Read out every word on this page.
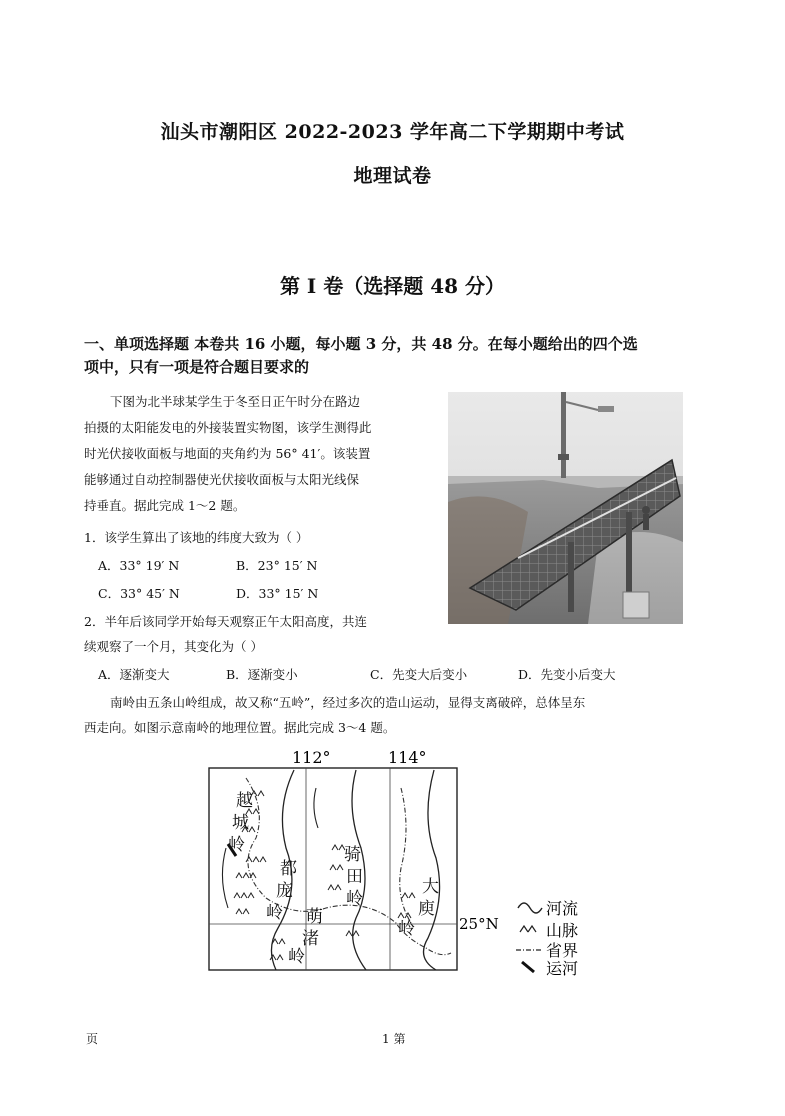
汕头市潮阳区 2022-2023 学年高二下学期期中考试
地理试卷
第 I 卷（选择题 48 分）
一、单项选择题 本卷共 16 小题，每小题 3 分，共 48 分。在每小题给出的四个选
项中，只有一项是符合题目要求的
下图为北半球某学生于冬至日正午时分在路边
拍摄的太阳能发电的外接装置实物图，该学生测得此
时光伏接收面板与地面的夹角约为 56° 41′。该装置
能够通过自动控制器使光伏接收面板与太阳光线保
持垂直。据此完成 1～2 题。
1．该学生算出了该地的纬度大致为（ ）
A．33° 19′ N	B．23° 15′ N
C．33° 45′ N	D．33° 15′ N
2．半年后该同学开始每天观察正午太阳高度，共连
续观察了一个月，其变化为（ ）
A．逐渐变大	B．逐渐变小	C．先变大后变小	D．先变小后变大
南岭由五条山岭组成，故又称“五岭”，经过多次的造山运动，显得支离破碎，总体呈东
西走向。如图示意南岭的地理位置。据此完成 3～4 题。
越
城
岭
都
庞
岭 萌
渚
岭
骑
田
岭
大
庾
岭
112°	114°
25°N
河流
山脉
省界
运河
页	1 第
